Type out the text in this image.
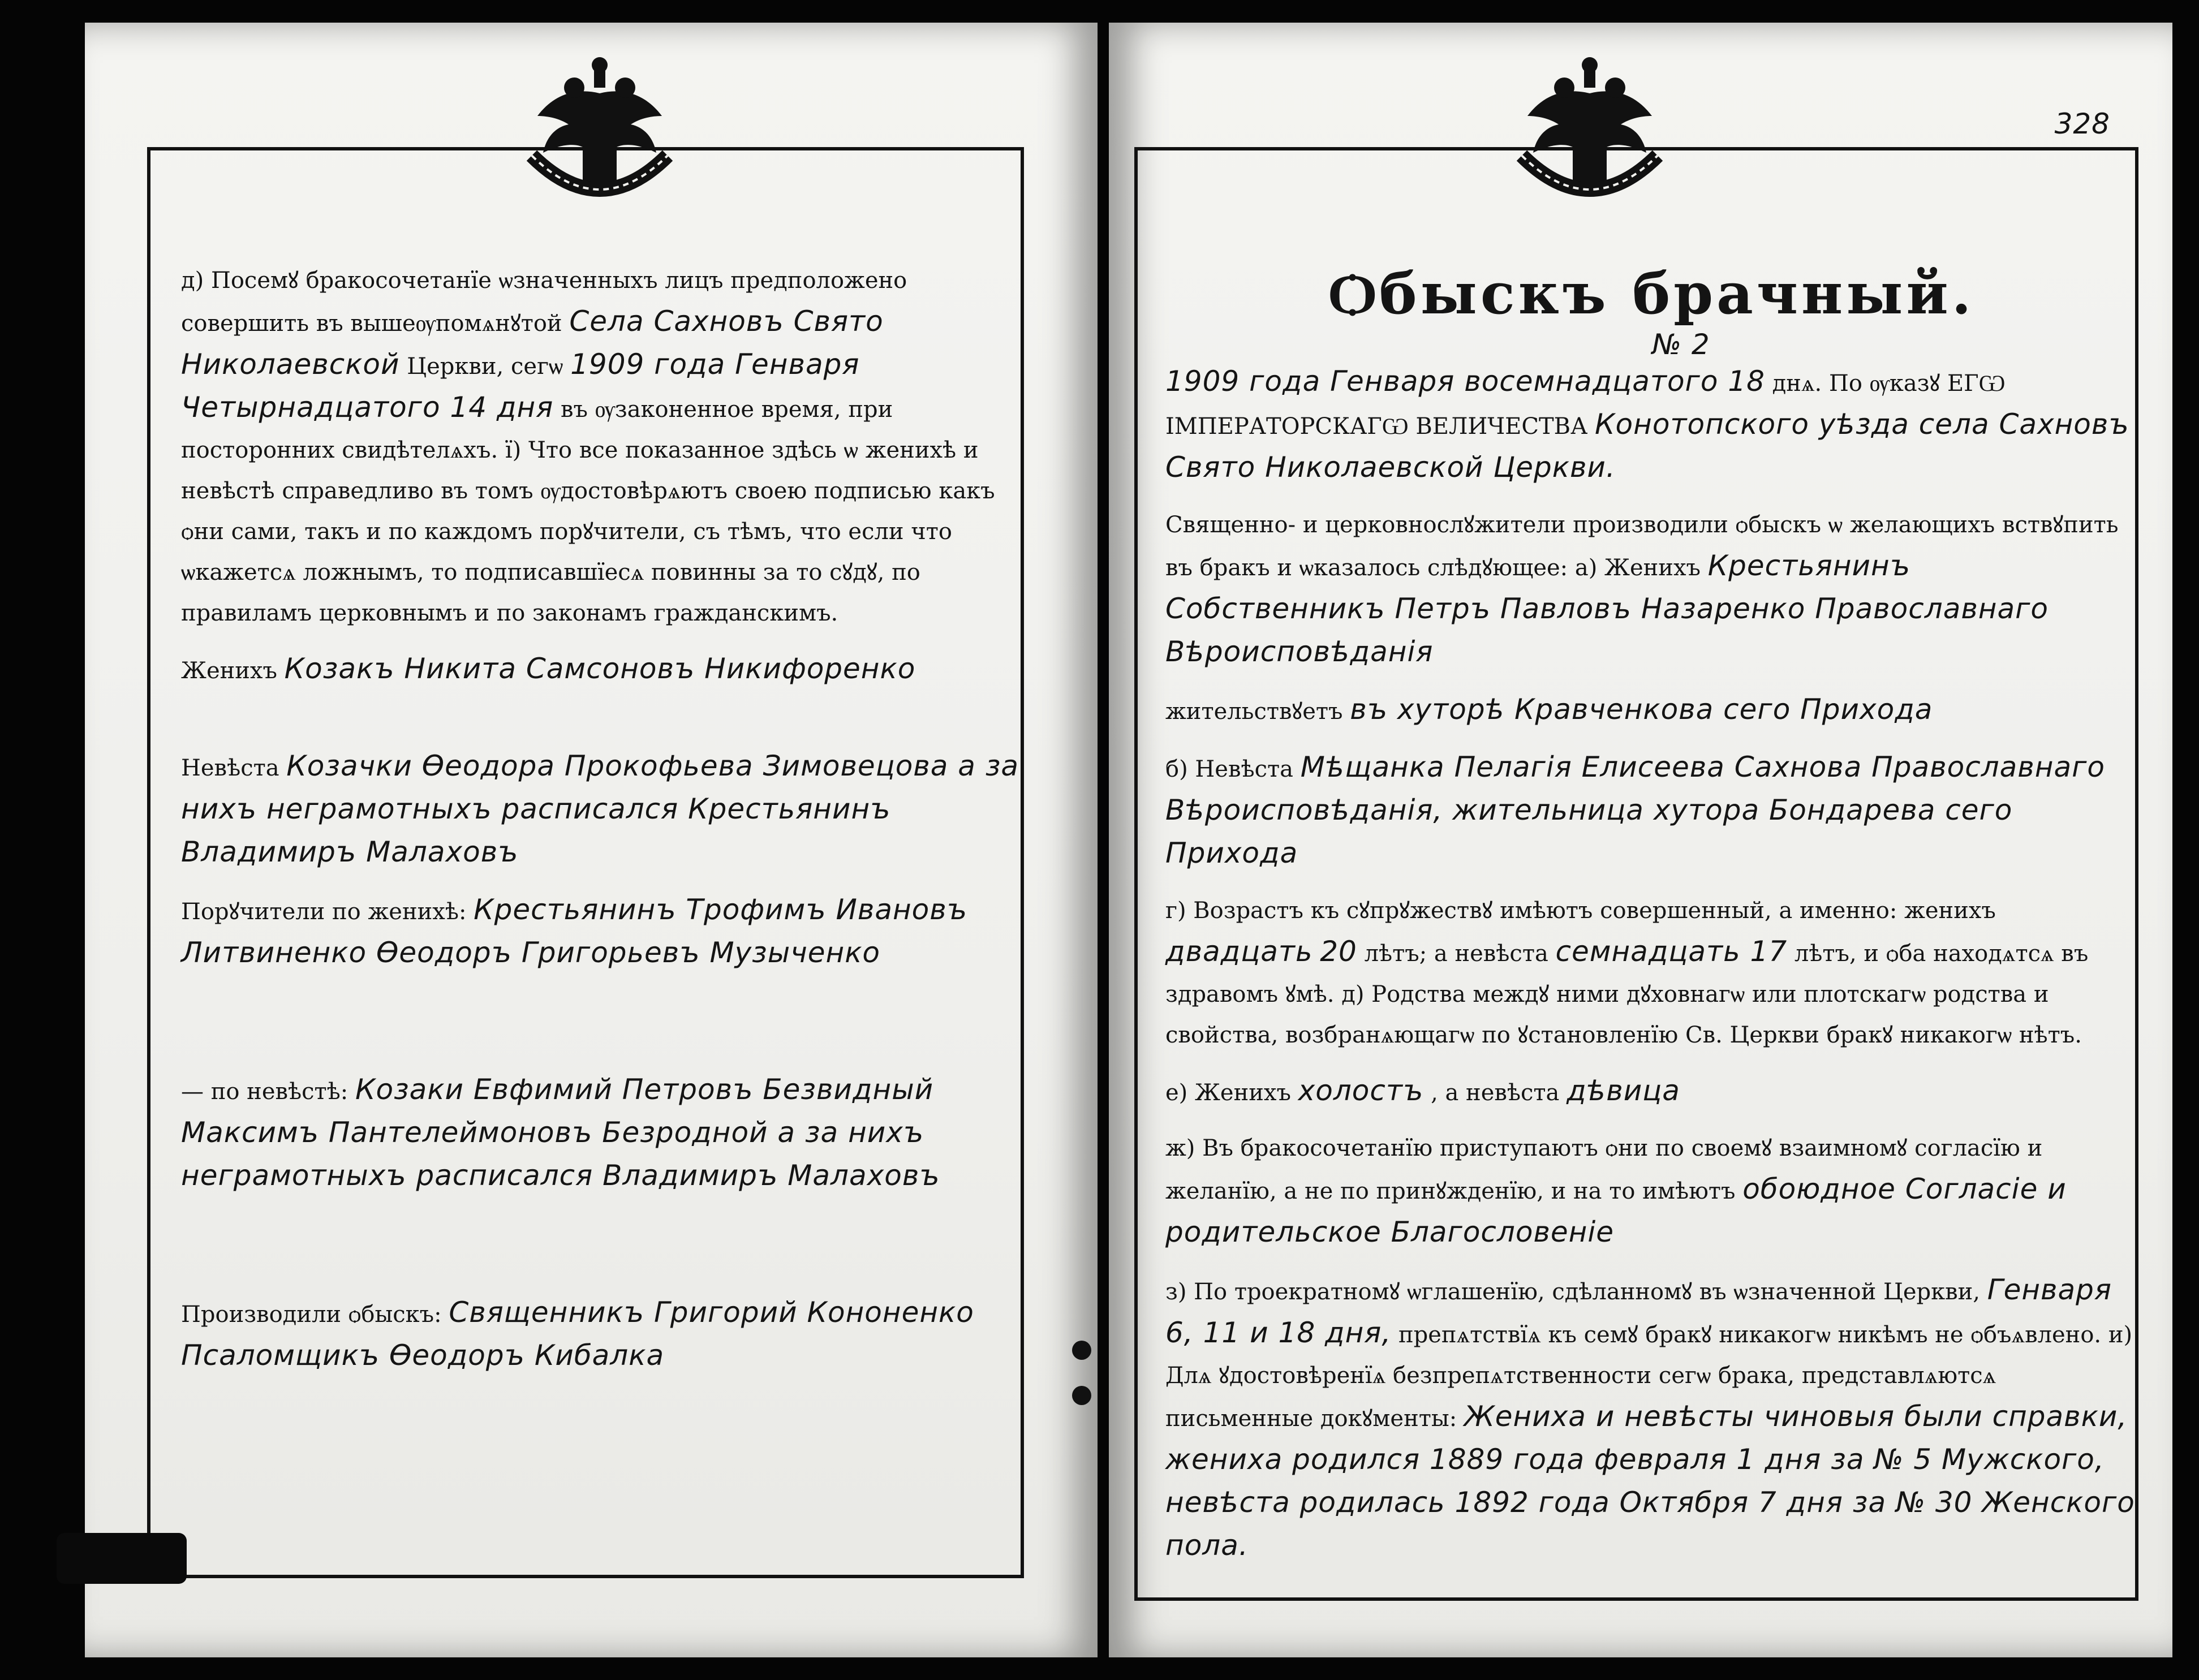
д) Посемꙋ бракосочетанїе ѡзначенныхъ лицъ предположено совершить въ вышеѹпомѧнꙋтой Села Сахновъ Свято Николаевской Церкви, сегѡ 1909 года Генваря Четырнадцатого 14 дня въ ѹзаконенное время, при посторонних свидѣтелѧхъ. ї) Что все показанное здѣсь ѡ женихѣ и невѣстѣ справедливо въ томъ ѹдостовѣрѧютъ своею подписью какъ ѻни сами, такъ и по каждомъ порꙋчители, съ тѣмъ, что если что ѡкажетсѧ ложнымъ, то подписавшїесѧ повинны за то сꙋдꙋ, по правиламъ церковнымъ и по законамъ гражданскимъ.

Женихъ Козакъ Никита Самсоновъ Никифоренко

Невѣста Козачки Ѳеодора Прокофьева Зимовецова а за нихъ неграмотныхъ расписался Крестьянинъ Владимиръ Малаховъ

Порꙋчители по женихѣ: Крестьянинъ Трофимъ Ивановъ Литвиненко Ѳеодоръ Григорьевъ Музыченко

— по невѣстѣ: Козаки Евфимий Петровъ Безвидный Максимъ Пантелеймоновъ Безродной а за нихъ неграмотныхъ расписался Владимиръ Малаховъ

Производили ѻбыскъ: Священникъ Григорий Кононенко Псаломщикъ Ѳеодоръ Кибалка

328
Ѻбыскъ брачный.
№ 2

1909 года Генваря восемнадцатого 18 днѧ. По ѹказꙋ ЕГѠ ІМПЕРАТОРСКАГѠ ВЕЛИЧЕСТВА Конотопского уѣзда села Сахновъ Свято Николаевской Церкви.

Священно- и церковнослꙋжители производили ѻбыскъ ѡ желающихъ вствꙋпить въ бракъ и ѡказалось слѣдꙋющее: а) Женихъ Крестьянинъ Собственникъ Петръ Павловъ Назаренко Православнаго Вѣроисповѣданія

жительствꙋетъ въ хуторѣ Кравченкова сего Прихода

б) Невѣста Мѣщанка Пелагія Елисеева Сахнова Православнаго Вѣроисповѣданія, жительница хутора Бондарева сего Прихода

г) Возрастъ къ сꙋпрꙋжествꙋ имѣютъ совершенный, а именно: женихъ двадцать 20 лѣтъ; а невѣста семнадцать 17 лѣтъ, и ѻба находѧтсѧ въ здравомъ ꙋмѣ. д) Родства междꙋ ними дꙋховнагѡ или плотскагѡ родства и свойства, возбранѧющагѡ по ꙋстановленїю Св. Церкви бракꙋ никакогѡ нѣтъ.

е) Женихъ холостъ , а невѣста дѣвица

ж) Въ бракосочетанїю приступаютъ ѻни по своемꙋ взаимномꙋ согласїю и желанїю, а не по принꙋжденїю, и на то имѣютъ обоюдное Согласіе и родительское Благословеніе

з) По троекратномꙋ ѡглашенїю, сдѣланномꙋ въ ѡзначенной Церкви, Генваря 6, 11 и 18 дня, препѧтствїѧ къ семꙋ бракꙋ никакогѡ никѣмъ не ѻбъѧвлено. и) Длѧ ꙋдостовѣренїѧ безпрепѧтственности сегѡ брака, представлѧютсѧ письменные докꙋменты: Жениха и невѣсты чиновыя были справки, жениха родился 1889 года февраля 1 дня за № 5 Мужского, невѣста родилась 1892 года Октября 7 дня за № 30 Женского пола.
